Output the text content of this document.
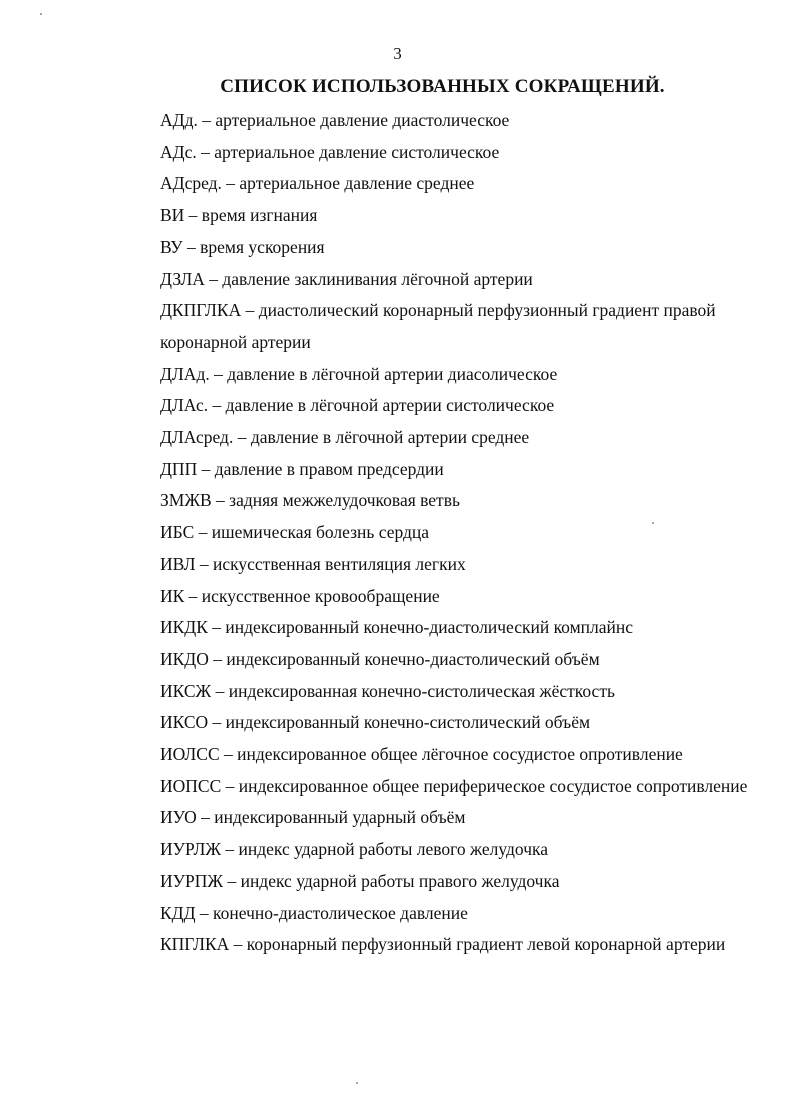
3
СПИСОК ИСПОЛЬЗОВАННЫХ СОКРАЩЕНИЙ.
АДд. – артериальное давление диастолическое
АДс. – артериальное давление систолическое
АДсред. – артериальное давление среднее
ВИ – время изгнания
ВУ – время ускорения
ДЗЛА – давление заклинивания лёгочной артерии
ДКПГЛКА – диастолический коронарный перфузионный градиент правой коронарной артерии
ДЛАд. – давление в лёгочной артерии диасолическое
ДЛАс. – давление в лёгочной артерии систолическое
ДЛАсред. – давление в лёгочной артерии среднее
ДПП – давление в правом предсердии
ЗМЖВ – задняя межжелудочковая ветвь
ИБС – ишемическая болезнь сердца
ИВЛ – искусственная вентиляция легких
ИК – искусственное кровообращение
ИКДК – индексированный конечно-диастолический комплайнс
ИКДО – индексированный конечно-диастолический объём
ИКСЖ – индексированная конечно-систолическая жёсткость
ИКСО – индексированный конечно-систолический объём
ИОЛСС – индексированное общее лёгочное сосудистое опротивление
ИОПСС – индексированное общее периферическое сосудистое сопротивление
ИУО – индексированный ударный объём
ИУРЛЖ – индекс ударной работы левого желудочка
ИУРПЖ – индекс ударной работы правого желудочка
КДД – конечно-диастолическое давление
КПГЛКА – коронарный перфузионный градиент левой коронарной артерии
